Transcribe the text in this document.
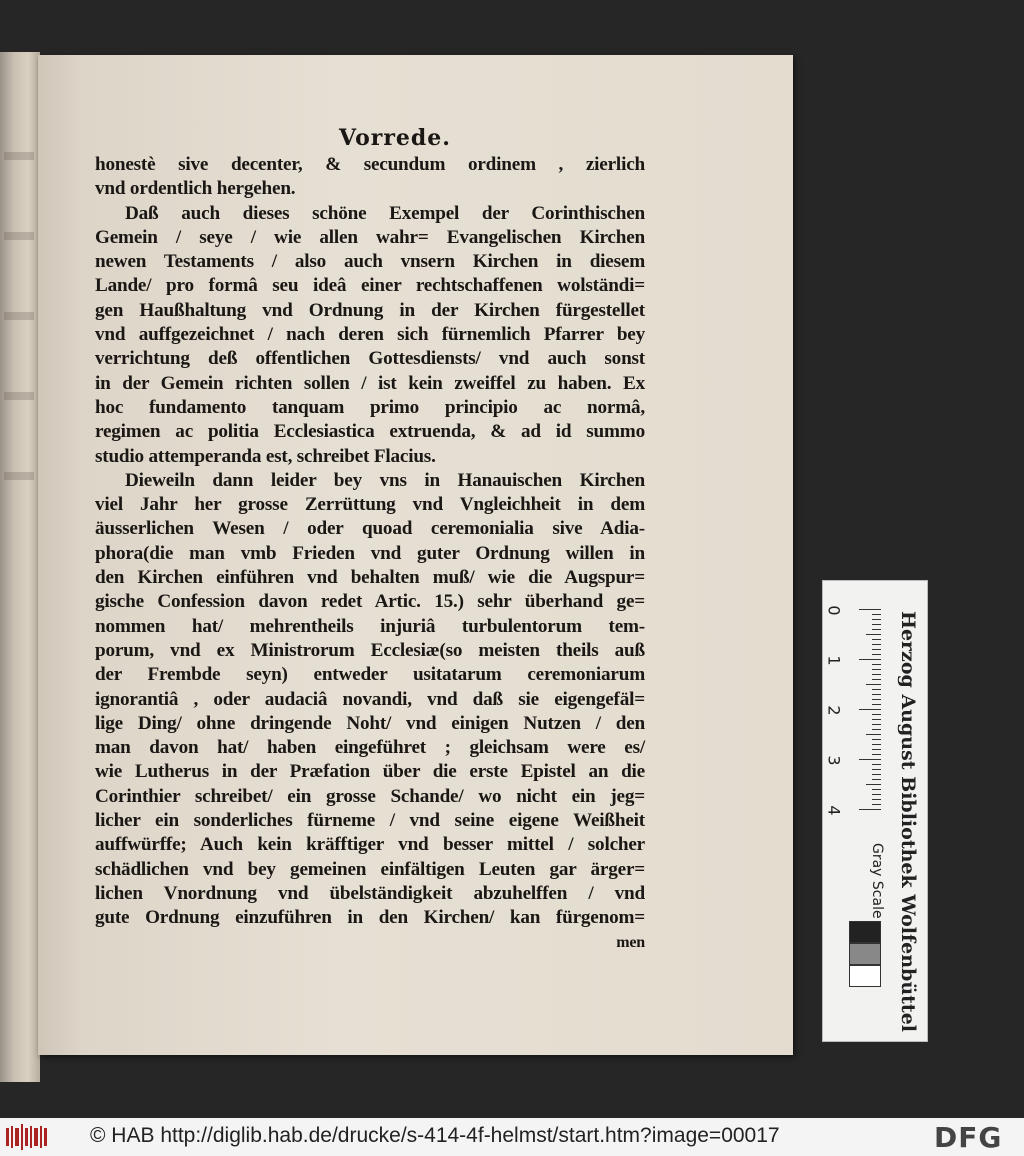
Vorrede.
honestè sive decenter, & secundum ordinem , zierlich
vnd ordentlich hergehen.
Daß auch dieses schöne Exempel der Corinthischen
Gemein / seye / wie allen wahr= Evangelischen Kirchen
newen Testaments / also auch vnsern Kirchen in diesem
Lande/ pro formâ seu ideâ einer rechtschaffenen wolständi=
gen Haußhaltung vnd Ordnung in der Kirchen fürgestellet
vnd auffgezeichnet / nach deren sich fürnemlich Pfarrer bey
verrichtung deß offentlichen Gottesdiensts/ vnd auch sonst
in der Gemein richten sollen / ist kein zweiffel zu haben. Ex
hoc fundamento tanquam primo principio ac normâ,
regimen ac politia Ecclesiastica extruenda, & ad id summo
studio attemperanda est, schreibet Flacius.
Dieweiln dann leider bey vns in Hanauischen Kirchen
viel Jahr her grosse Zerrüttung vnd Vngleichheit in dem
äusserlichen Wesen / oder quoad ceremonialia sive Adia-
phora(die man vmb Frieden vnd guter Ordnung willen in
den Kirchen einführen vnd behalten muß/ wie die Augspur=
gische Confession davon redet Artic. 15.) sehr überhand ge=
nommen hat/ mehrentheils injuriâ turbulentorum tem-
porum, vnd ex Ministrorum Ecclesiæ(so meisten theils auß
der Frembde seyn) entweder usitatarum ceremoniarum
ignorantiâ , oder audaciâ novandi, vnd daß sie eigengefäl=
lige Ding/ ohne dringende Noht/ vnd einigen Nutzen / den
man davon hat/ haben eingeführet ; gleichsam were es/
wie Lutherus in der Præfation über die erste Epistel an die
Corinthier schreibet/ ein grosse Schande/ wo nicht ein jeg=
licher ein sonderliches fürneme / vnd seine eigene Weißheit
auffwürffe; Auch kein kräfftiger vnd besser mittel / solcher
schädlichen vnd bey gemeinen einfältigen Leuten gar ärger=
lichen Vnordnung vnd übelständigkeit abzuhelffen / vnd
gute Ordnung einzuführen in den Kirchen/ kan fürgenom=
men	Herzog August Bibliothek Wolfenbüttel
0
1
2
3
4
Gray Scale
© HAB http://diglib.hab.de/drucke/s-414-4f-helmst/start.htm?image=00017	DFG
